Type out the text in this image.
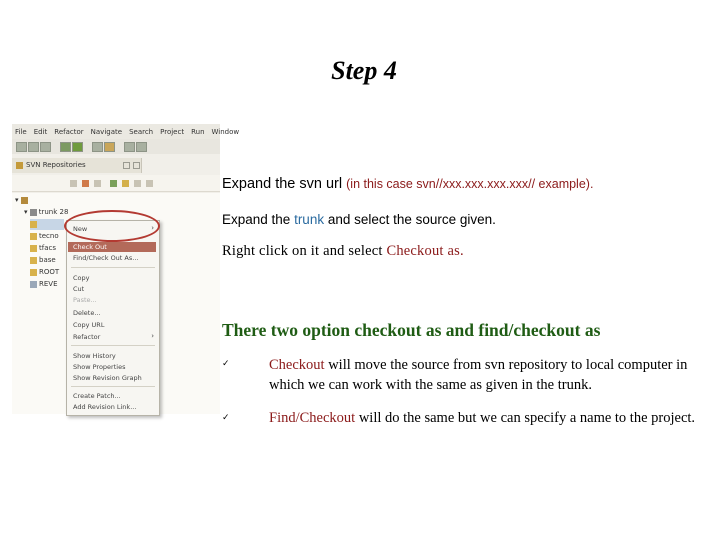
Step 4
File Edit Refactor Navigate Search Project Run Window
SVN Repositories
▾
▾ trunk 28
tecno
tfacs
base
ROOT
REVE
New	›
Check Out
Find/Check Out As...
Copy
Cut
Paste...
Delete...
Copy URL
Refactor	›
Show History
Show Properties
Show Revision Graph
Create Patch...
Add Revision Link...
Expand the svn url (in this case svn//xxx.xxx.xxx.xxx// example).
Expand the trunk and select the source given.
Right click on it and select Checkout as.
There two option checkout as and find/checkout as
✓	Checkout will move the source from svn repository to local computer in which we can work with the same as given in the trunk.
✓	Find/Checkout will do the same but we can specify a name to the project.
